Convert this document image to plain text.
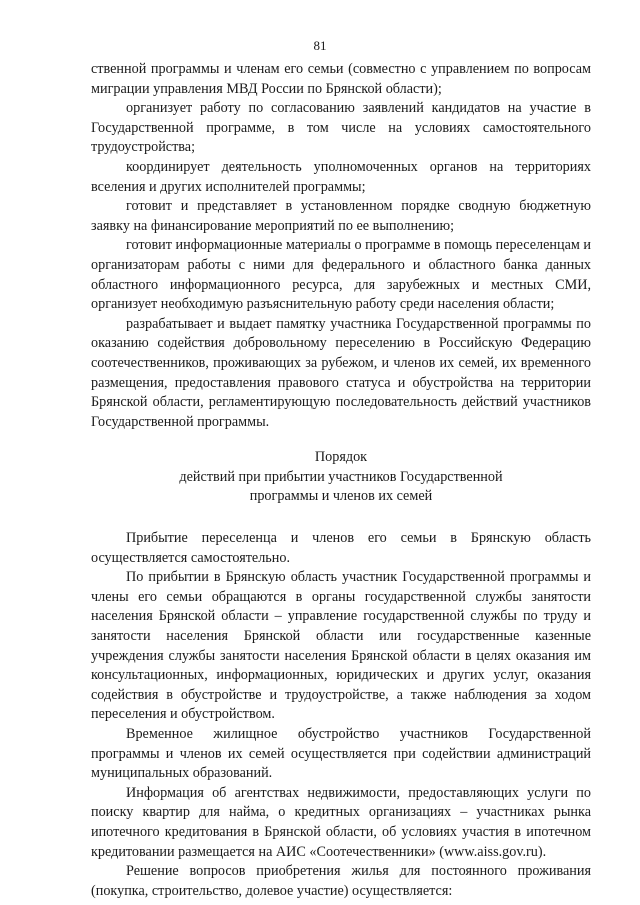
81

ственной программы и членам его семьи (совместно с управлением по вопросам миграции управления МВД России по Брянской области);

организует работу по согласованию заявлений кандидатов на участие в Государственной программе, в том числе на условиях самостоятельного трудоустройства;

координирует деятельность уполномоченных органов на территориях вселения и других исполнителей программы;

готовит и представляет в установленном порядке сводную бюджетную заявку на финансирование мероприятий по ее выполнению;

готовит информационные материалы о программе в помощь переселенцам и организаторам работы с ними для федерального и областного банка данных областного информационного ресурса, для зарубежных и местных СМИ, организует необходимую разъяснительную работу среди населения области;

разрабатывает и выдает памятку участника Государственной программы по оказанию содействия добровольному переселению в Российскую Федерацию соотечественников, проживающих за рубежом, и членов их семей, их временного размещения, предоставления правового статуса и обустройства на территории Брянской области, регламентирующую последовательность действий участников Государственной программы.

Порядок
действий при прибытии участников Государственной
программы и членов их семей

Прибытие переселенца и членов его семьи в Брянскую область осуществляется самостоятельно.

По прибытии в Брянскую область участник Государственной программы и члены его семьи обращаются в органы государственной службы занятости населения Брянской области – управление государственной службы по труду и занятости населения Брянской области или государственные казенные учреждения службы занятости населения Брянской области в целях оказания им консультационных, информационных, юридических и других услуг, оказания содействия в обустройстве и трудоустройстве, а также наблюдения за ходом переселения и обустройством.

Временное жилищное обустройство участников Государственной программы и членов их семей осуществляется при содействии администраций муниципальных образований.

Информация об агентствах недвижимости, предоставляющих услуги по поиску квартир для найма, о кредитных организациях – участниках рынка ипотечного кредитования в Брянской области, об условиях участия в ипотечном кредитовании размещается на АИС «Соотечественники» (www.aiss.gov.ru).

Решение вопросов приобретения жилья для постоянного проживания (покупка, строительство, долевое участие) осуществляется:
